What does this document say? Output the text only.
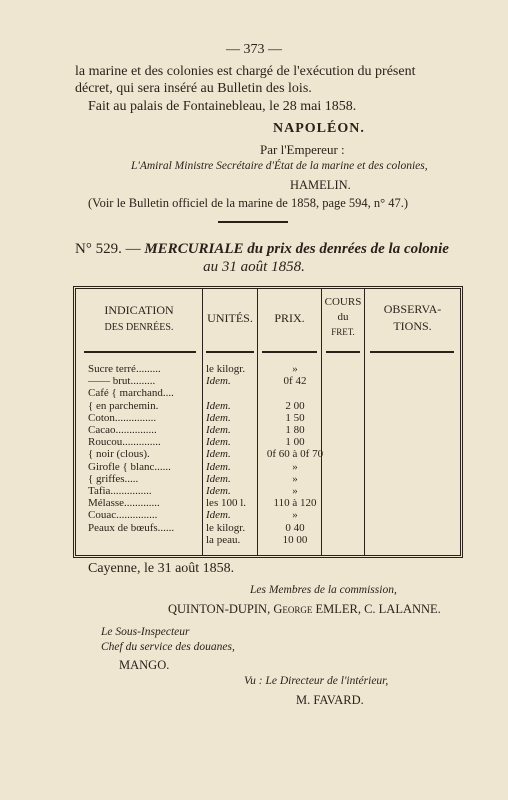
— 373 —
la marine et des colonies est chargé de l'exécution du présent
décret, qui sera inséré au Bulletin des lois.
Fait au palais de Fontainebleau, le 28 mai 1858.
NAPOLÉON.
Par l'Empereur :
L'Amiral Ministre Secrétaire d'État de la marine et des colonies,
HAMELIN.
(Voir le Bulletin officiel de la marine de 1858, page 594, n° 47.)
N° 529. — MERCURIALE du prix des denrées de la colonie
au 31 août 1858.
INDICATION
DES DENRÉES.
UNITÉS.	PRIX.
COURS
du
FRET.
OBSERVA-
TIONS.
Sucre terré.........	le kilogr.	»
—— brut.........	Idem.	0f 42
Café { marchand....
{ en parchemin.	Idem.	2 00
Coton...............	Idem.	1 50
Cacao...............	Idem.	1 80
Roucou..............	Idem.	1 00
{ noir (clous).	Idem.	0f 60 à 0f 70
Girofle { blanc......	Idem.	»
{ griffes.....	Idem.	»
Tafia...............	Idem.	»
Mélasse.............	les 100 l.	110 à 120
Couac...............	Idem.	»
Peaux de bœufs......	le kilogr.	0 40
la peau.	10 00
Cayenne, le 31 août 1858.
Les Membres de la commission,
QUINTON-DUPIN, George EMLER, C. LALANNE.
Le Sous-Inspecteur
Chef du service des douanes,
MANGO.
Vu : Le Directeur de l'intérieur,
M. FAVARD.
